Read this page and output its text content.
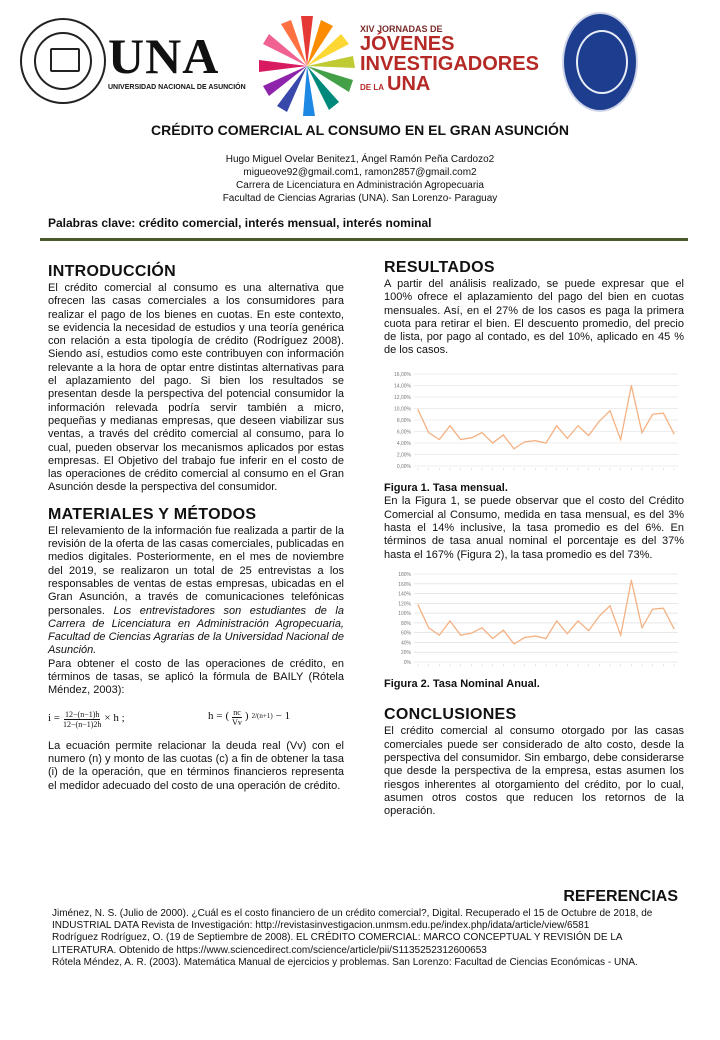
UNA
UNIVERSIDAD NACIONAL DE ASUNCIÓN
XIV JORNADAS DE
JÓVENES
INVESTIGADORES
DE LA UNA
CRÉDITO COMERCIAL AL CONSUMO EN EL GRAN ASUNCIÓN
Hugo Miguel Ovelar Benitez1, Ángel Ramón Peña Cardozo2
migueove92@gmail.com1, ramon2857@gmail.com2
Carrera de Licenciatura en Administración Agropecuaria
Facultad de Ciencias Agrarias (UNA). San Lorenzo- Paraguay
Palabras clave: crédito comercial, interés mensual, interés nominal
INTRODUCCIÓN

El crédito comercial al consumo es una alternativa que ofrecen las casas comerciales a los consumidores para realizar el pago de los bienes en cuotas. En este contexto, se evidencia la necesidad de estudios y una teoría genérica con relación a esta tipología de crédito (Rodríguez 2008). Siendo así, estudios como este contribuyen con información relevante a la hora de optar entre distintas alternativas para el aplazamiento del pago. Si bien los resultados se presentan desde la perspectiva del potencial consumidor la información relevada podría servir también a micro, pequeñas y medianas empresas, que deseen viabilizar sus ventas, a través del crédito comercial al consumo, para lo cual, pueden observar los mecanismos aplicados por estas empresas. El Objetivo del trabajo fue inferir en el costo de las operaciones de crédito comercial al consumo en el Gran Asunción desde la perspectiva del consumidor.

MATERIALES Y MÉTODOS

El relevamiento de la información fue realizada a partir de la revisión de la oferta de las casas comerciales, publicadas en medios digitales. Posteriormente, en el mes de noviembre del 2019, se realizaron un total de 25 entrevistas a los responsables de ventas de estas empresas, ubicadas en el Gran Asunción, a través de comunicaciones telefónicas personales. Los entrevistadores son estudiantes de la Carrera de Licenciatura en Administración Agropecuaria, Facultad de Ciencias Agrarias de la Universidad Nacional de Asunción.

Para obtener el costo de las operaciones de crédito, en términos de tasas, se aplicó la fórmula de BAILY (Rótela Méndez, 2003):

$i = \frac{12-(n-1)h}{12-(n-1)2h} \times h$ ;	h = ( $\frac{nc}{Vv}$ ) 2/(n+1) − 1

La ecuación permite relacionar la deuda real (Vv) con el numero (n) y monto de las cuotas (c) a fin de obtener la tasa (i) de la operación, que en términos financieros representa el medidor adecuado del costo de una operación de crédito.

RESULTADOS

A partir del análisis realizado, se puede expresar que el 100% ofrece el aplazamiento del pago del bien en cuotas mensuales. Así, en el 27% de los casos es paga la primera cuota para retirar el bien. El descuento promedio, del precio de lista, por pago al contado, es del 10%, aplicado en 45 % de los casos.

0,00%
2,00%
4,00%
6,00%
8,00%
10,00%
12,00%
14,00%
16,00%
Figura 1. Tasa mensual.

En la Figura 1, se puede observar que el costo del Crédito Comercial al Consumo, medida en tasa mensual, es del 3% hasta el 14% inclusive, la tasa promedio es del 6%. En términos de tasa anual nominal el porcentaje es del 37% hasta el 167% (Figura 2), la tasa promedio es del 73%.

0%
20%
40%
60%
80%
100%
120%
140%
160%
180%
Figura 2. Tasa Nominal Anual.
CONCLUSIONES

El crédito comercial al consumo otorgado por las casas comerciales puede ser considerado de alto costo, desde la perspectiva del consumidor. Sin embargo, debe considerarse que desde la perspectiva de la empresa, estas asumen los riesgos inherentes al otorgamiento del crédito, por lo cual, asumen otros costos que reducen los retornos de la operación.

REFERENCIAS

Jiménez, N. S. (Julio de 2000). ¿Cuál es el costo financiero de un crédito comercial?, Digital. Recuperado el 15 de Octubre de 2018, de INDUSTRIAL DATA Revista de Investigación: http://revistasinvestigacion.unmsm.edu.pe/index.php/idata/article/view/6581

Rodríguez Rodríguez, O. (19 de Septiembre de 2008). EL CRÉDITO COMERCIAL: MARCO CONCEPTUAL Y REVISIÓN DE LA LITERATURA. Obtenido de https://www.sciencedirect.com/science/article/pii/S1135252312600653

Rótela Méndez, A. R. (2003). Matemática Manual de ejercicios y problemas. San Lorenzo: Facultad de Ciencias Económicas - UNA.
